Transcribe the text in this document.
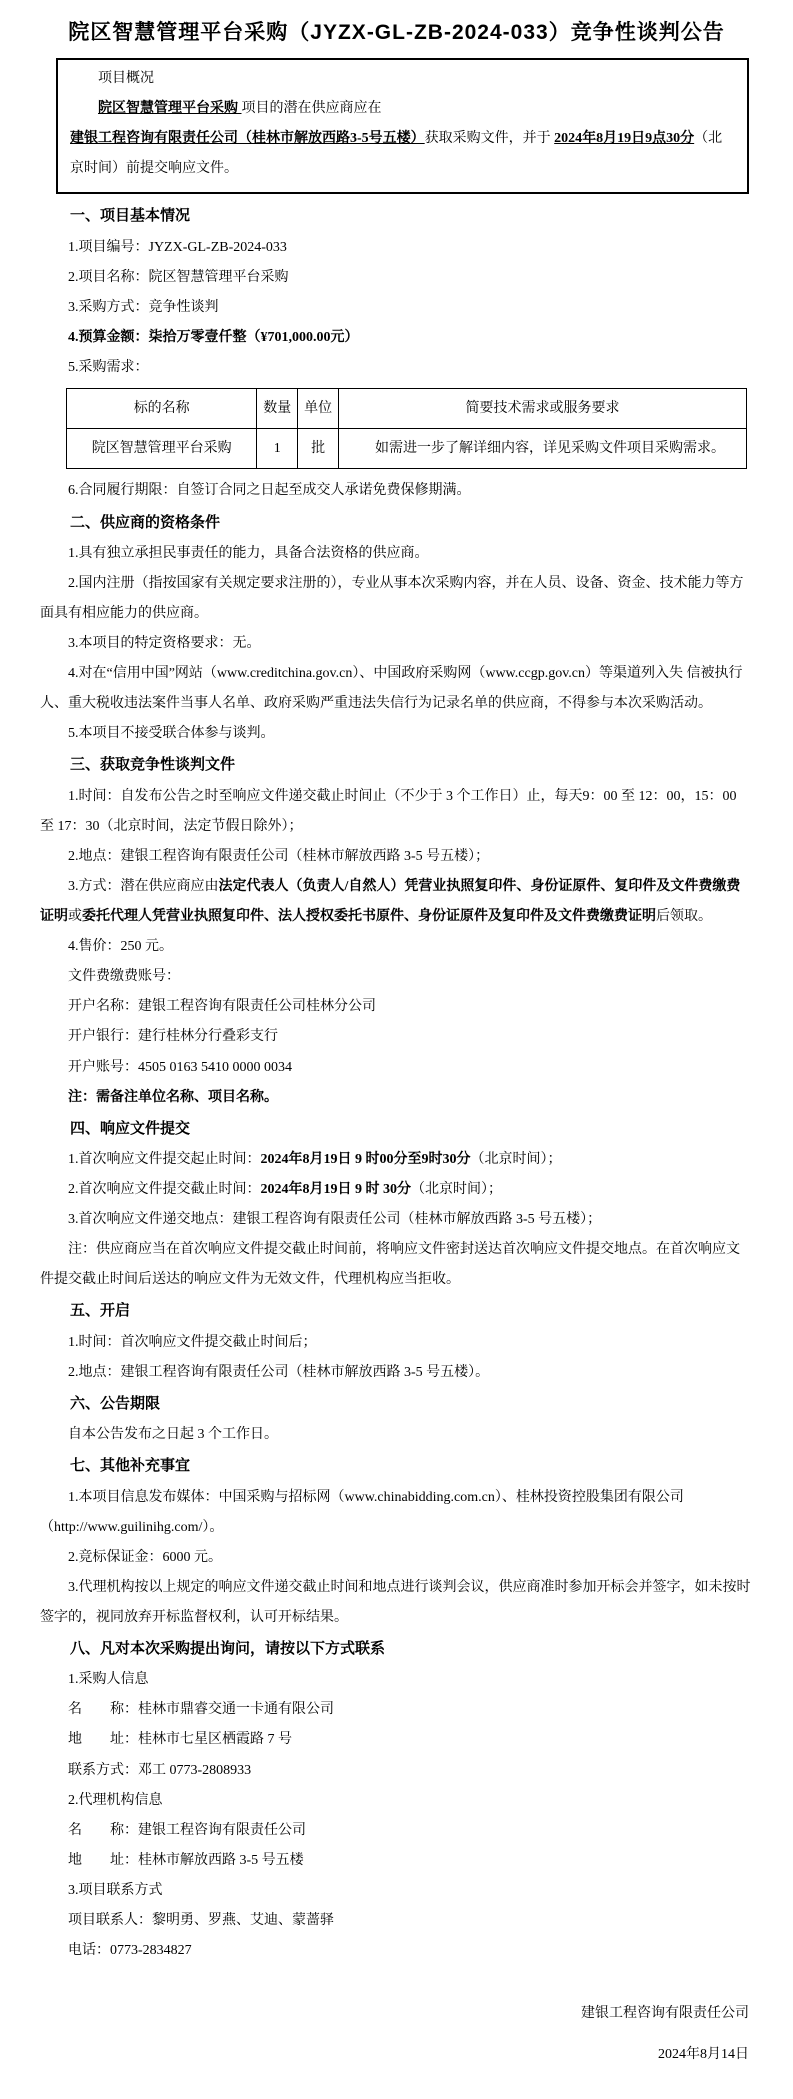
院区智慧管理平台采购（JYZX-GL-ZB-2024-033）竞争性谈判公告

项目概况

院区智慧管理平台采购 项目的潜在供应商应在建银工程咨询有限责任公司（桂林市解放西路3-5号五楼）获取采购文件，并于 2024年8月19日9点30分（北京时间）前提交响应文件。

一、项目基本情况

1.项目编号：JYZX-GL-ZB-2024-033

2.项目名称：院区智慧管理平台采购

3.采购方式：竞争性谈判

4.预算金额：柒拾万零壹仟整（¥701,000.00元）

5.采购需求：

标的名称	数量	单位	简要技术需求或服务要求
院区智慧管理平台采购	1	批	如需进一步了解详细内容，详见采购文件项目采购需求。

6.合同履行期限：自签订合同之日起至成交人承诺免费保修期满。

二、供应商的资格条件

1.具有独立承担民事责任的能力，具备合法资格的供应商。

2.国内注册（指按国家有关规定要求注册的），专业从事本次采购内容，并在人员、设备、资金、技术能力等方面具有相应能力的供应商。

3.本项目的特定资格要求：无。

4.对在“信用中国”网站（www.creditchina.gov.cn）、中国政府采购网（www.ccgp.gov.cn）等渠道列入失 信被执行人、重大税收违法案件当事人名单、政府采购严重违法失信行为记录名单的供应商，不得参与本次采购活动。

5.本项目不接受联合体参与谈判。

三、获取竞争性谈判文件

1.时间：自发布公告之时至响应文件递交截止时间止（不少于 3 个工作日）止，每天9：00 至 12：00，15：00 至 17：30（北京时间，法定节假日除外）；

2.地点：建银工程咨询有限责任公司（桂林市解放西路 3-5 号五楼）；

3.方式：潜在供应商应由法定代表人（负责人/自然人）凭营业执照复印件、身份证原件、复印件及文件费缴费证明或委托代理人凭营业执照复印件、法人授权委托书原件、身份证原件及复印件及文件费缴费证明后领取。

4.售价：250 元。

文件费缴费账号：

开户名称：建银工程咨询有限责任公司桂林分公司

开户银行：建行桂林分行叠彩支行

开户账号：4505 0163 5410 0000 0034

注：需备注单位名称、项目名称。

四、响应文件提交

1.首次响应文件提交起止时间：2024年8月19日 9 时00分至9时30分（北京时间）；

2.首次响应文件提交截止时间：2024年8月19日 9 时 30分（北京时间）；

3.首次响应文件递交地点：建银工程咨询有限责任公司（桂林市解放西路 3-5 号五楼）；

注：供应商应当在首次响应文件提交截止时间前，将响应文件密封送达首次响应文件提交地点。在首次响应文件提交截止时间后送达的响应文件为无效文件，代理机构应当拒收。

五、开启

1.时间：首次响应文件提交截止时间后；

2.地点：建银工程咨询有限责任公司（桂林市解放西路 3-5 号五楼）。

六、公告期限

自本公告发布之日起 3 个工作日。

七、其他补充事宜

1.本项目信息发布媒体：中国采购与招标网（www.chinabidding.com.cn）、桂林投资控股集团有限公司 （http://www.guilinihg.com/）。

2.竞标保证金：6000 元。

3.代理机构按以上规定的响应文件递交截止时间和地点进行谈判会议，供应商准时参加开标会并签字，如未按时签字的，视同放弃开标监督权利，认可开标结果。

八、凡对本次采购提出询问，请按以下方式联系

1.采购人信息

名　　称：桂林市鼎睿交通一卡通有限公司

地　　址：桂林市七星区栖霞路 7 号

联系方式：邓工 0773-2808933

2.代理机构信息

名　　称：建银工程咨询有限责任公司

地　　址：桂林市解放西路 3-5 号五楼

3.项目联系方式

项目联系人：黎明勇、罗燕、艾迪、蒙蔷驿

电话：0773-2834827

建银工程咨询有限责任公司

2024年8月14日
